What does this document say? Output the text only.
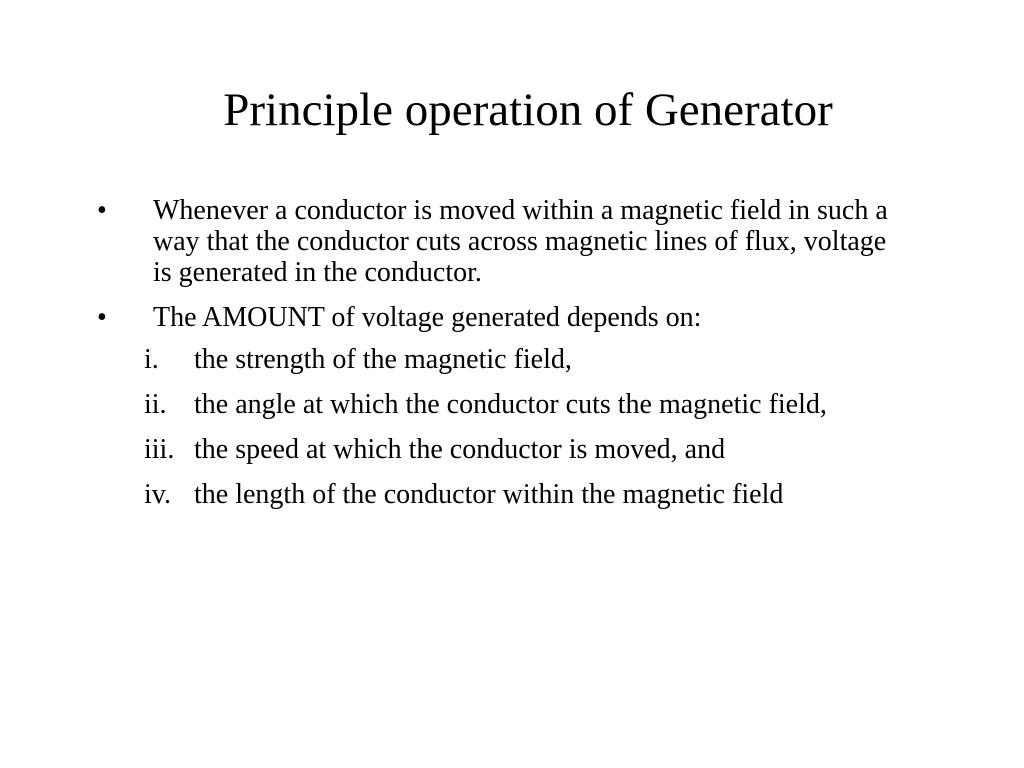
Principle operation of Generator
•	Whenever a conductor is moved within a magnetic field in such a way that the conductor cuts across magnetic lines of flux, voltage is generated in the conductor.
•	The AMOUNT of voltage generated depends on:
i.	the strength of the magnetic field,
ii. the angle at which the conductor cuts the magnetic field,
iii. the speed at which the conductor is moved, and
iv. the length of the conductor within the magnetic field
